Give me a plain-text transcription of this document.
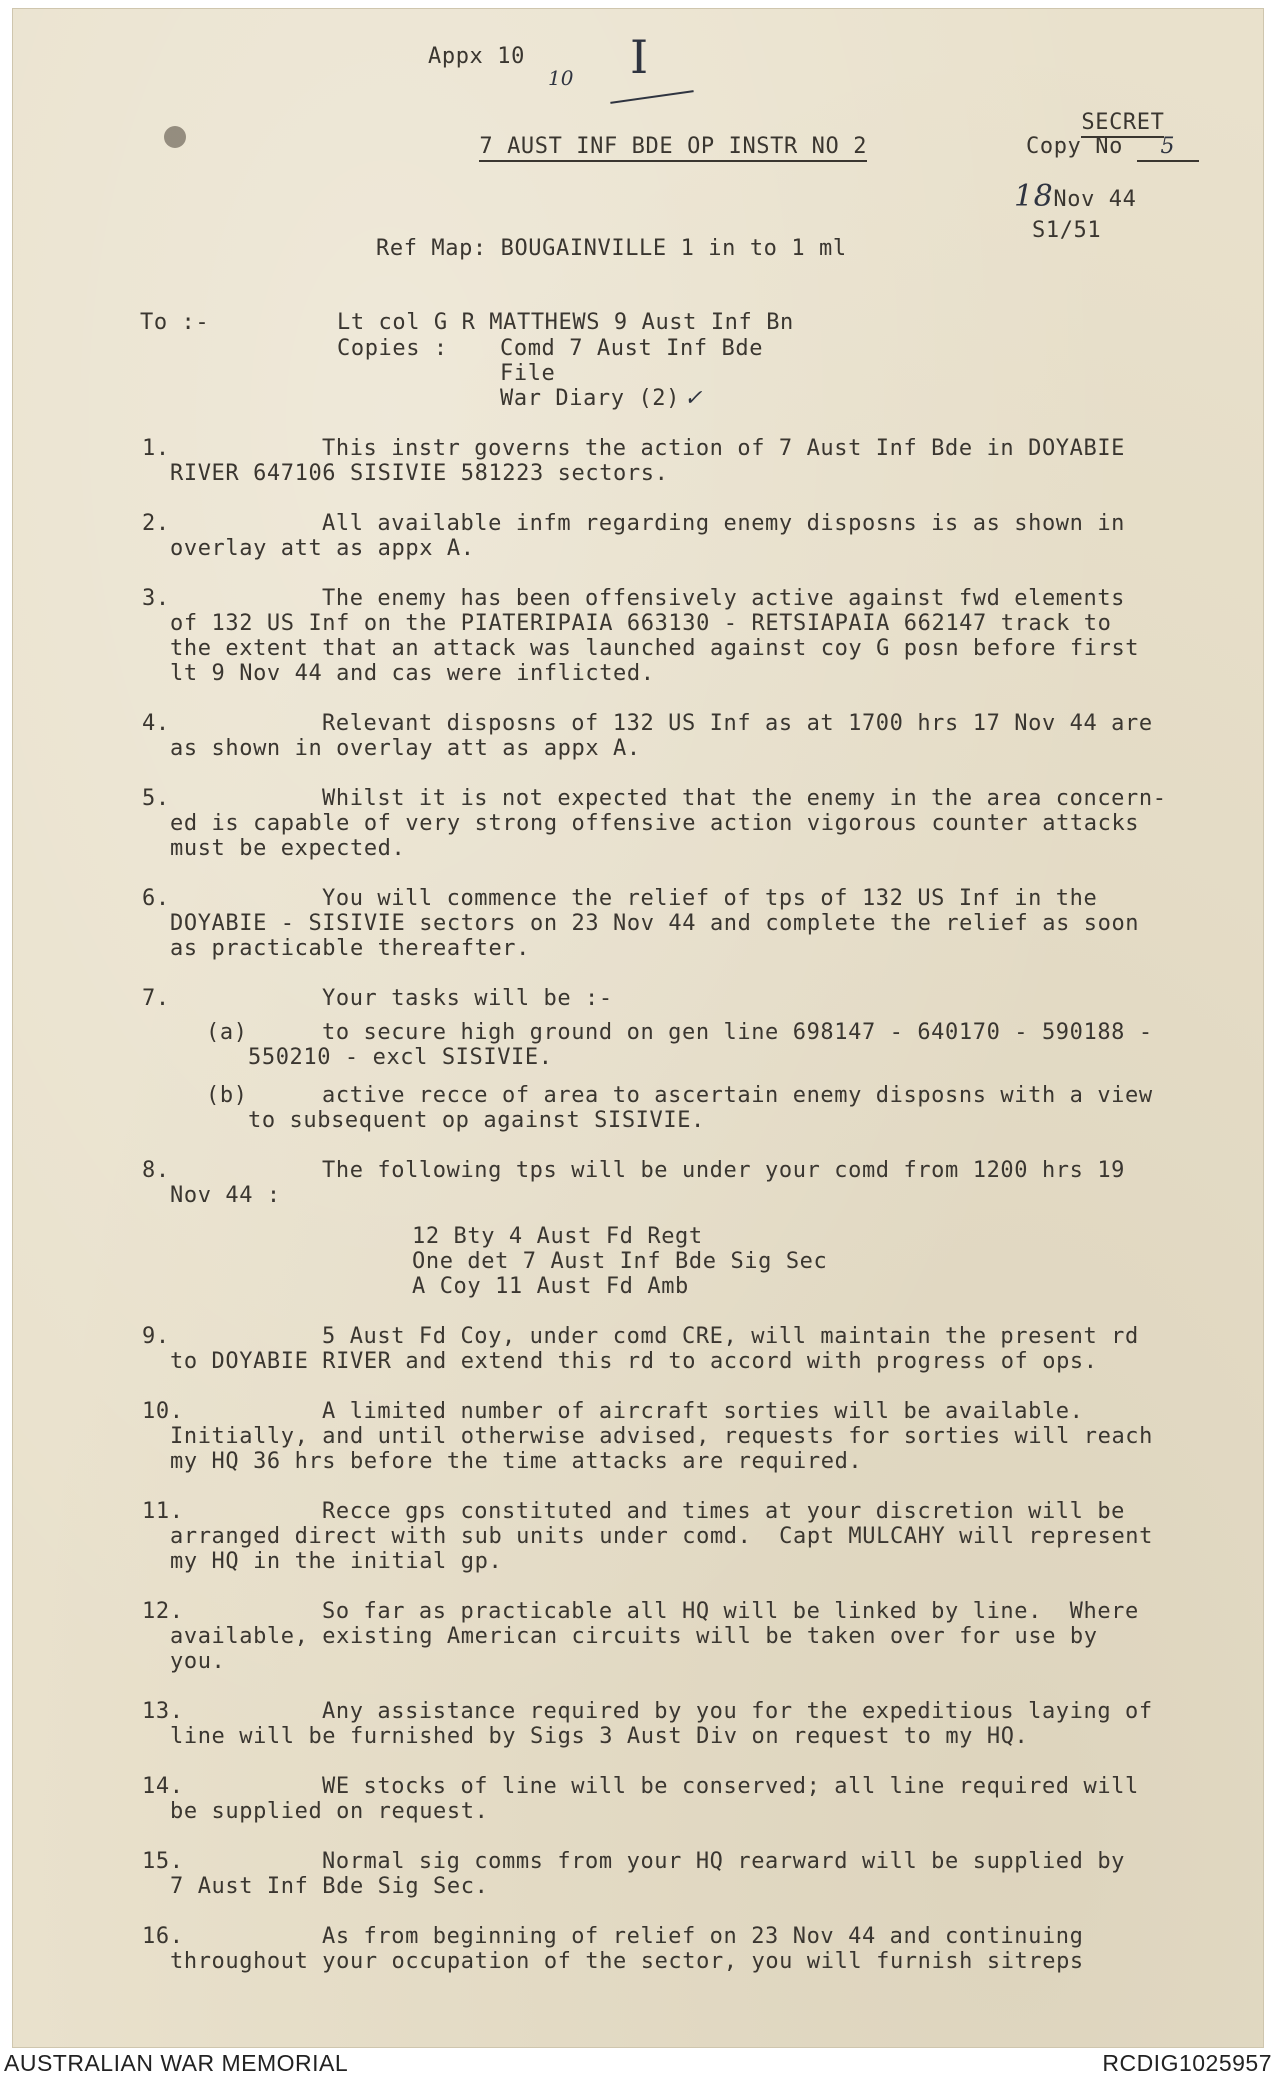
Appx 10
10 I

7 AUST INF BDE OP INSTR NO 2

SECRET

Copy No 5
18Nov 44
S1/51
Ref Map: BOUGAINVILLE 1 in to 1 ml
To :-	Lt col G R MATTHEWS 9 Aust Inf Bn
Copies : Comd 7 Aust Inf Bde
File
War Diary (2) ✓
1.	This instr governs the action of 7 Aust Inf Bde in DOYABIE
RIVER 647106 SISIVIE 581223 sectors.
2.	All available infm regarding enemy disposns is as shown in
overlay att as appx A.
3.	The enemy has been offensively active against fwd elements
of 132 US Inf on the PIATERIPAIA 663130 - RETSIAPAIA 662147 track to
the extent that an attack was launched against coy G posn before first
lt 9 Nov 44 and cas were inflicted.
4.	Relevant disposns of 132 US Inf as at 1700 hrs 17 Nov 44 are
as shown in overlay att as appx A.
5.	Whilst it is not expected that the enemy in the area concern-
ed is capable of very strong offensive action vigorous counter attacks
must be expected.
6.	You will commence the relief of tps of 132 US Inf in the
DOYABIE - SISIVIE sectors on 23 Nov 44 and complete the relief as soon
as practicable thereafter.
7.	Your tasks will be :-
(a)	to secure high ground on gen line 698147 - 640170 - 590188 -
550210 - excl SISIVIE.
(b)	active recce of area to ascertain enemy disposns with a view
to subsequent op against SISIVIE.
8.	The following tps will be under your comd from 1200 hrs 19
Nov 44 :
12 Bty 4 Aust Fd Regt
One det 7 Aust Inf Bde Sig Sec
A Coy 11 Aust Fd Amb
9.	5 Aust Fd Coy, under comd CRE, will maintain the present rd
to DOYABIE RIVER and extend this rd to accord with progress of ops.
10.	A limited number of aircraft sorties will be available.
Initially, and until otherwise advised, requests for sorties will reach
my HQ 36 hrs before the time attacks are required.
11.	Recce gps constituted and times at your discretion will be
arranged direct with sub units under comd.  Capt MULCAHY will represent
my HQ in the initial gp.
12.	So far as practicable all HQ will be linked by line.  Where
available, existing American circuits will be taken over for use by
you.
13.	Any assistance required by you for the expeditious laying of
line will be furnished by Sigs 3 Aust Div on request to my HQ.
14.	WE stocks of line will be conserved; all line required will
be supplied on request.
15.	Normal sig comms from your HQ rearward will be supplied by
7 Aust Inf Bde Sig Sec.
16.	As from beginning of relief on 23 Nov 44 and continuing
throughout your occupation of the sector, you will furnish sitreps
AUSTRALIAN WAR MEMORIAL	RCDIG1025957
